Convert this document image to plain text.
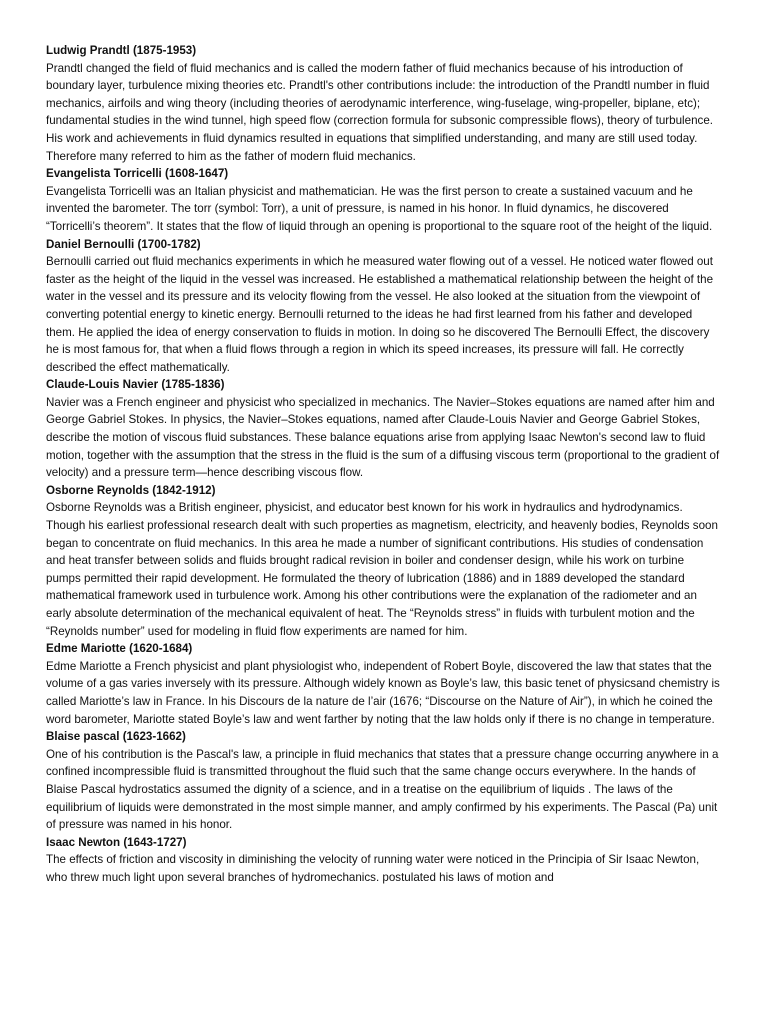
Ludwig Prandtl (1875-1953)

Prandtl changed the field of fluid mechanics and is called the modern father of fluid mechanics because of his introduction of boundary layer, turbulence mixing theories etc. Prandtl's other contributions include: the introduction of the Prandtl number in fluid mechanics, airfoils and wing theory (including theories of aerodynamic interference, wing-fuselage, wing-propeller, biplane, etc); fundamental studies in the wind tunnel, high speed flow (correction formula for subsonic compressible flows), theory of turbulence. His work and achievements in fluid dynamics resulted in equations that simplified understanding, and many are still used today. Therefore many referred to him as the father of modern fluid mechanics.

Evangelista Torricelli (1608-1647)

Evangelista Torricelli was an Italian physicist and mathematician. He was the first person to create a sustained vacuum and he invented the barometer. The torr (symbol: Torr), a unit of pressure, is named in his honor. In fluid dynamics, he discovered “Torricelli’s theorem”. It states that the flow of liquid through an opening is proportional to the square root of the height of the liquid.

Daniel Bernoulli (1700-1782)

Bernoulli carried out fluid mechanics experiments in which he measured water flowing out of a vessel. He noticed water flowed out faster as the height of the liquid in the vessel was increased. He established a mathematical relationship between the height of the water in the vessel and its pressure and its velocity flowing from the vessel. He also looked at the situation from the viewpoint of converting potential energy to kinetic energy. Bernoulli returned to the ideas he had first learned from his father and developed them. He applied the idea of energy conservation to fluids in motion. In doing so he discovered The Bernoulli Effect, the discovery he is most famous for, that when a fluid flows through a region in which its speed increases, its pressure will fall. He correctly described the effect mathematically.

Claude-Louis Navier (1785-1836)

Navier was a French engineer and physicist who specialized in mechanics. The Navier–Stokes equations are named after him and George Gabriel Stokes. In physics, the Navier–Stokes equations, named after Claude-Louis Navier and George Gabriel Stokes, describe the motion of viscous fluid substances. These balance equations arise from applying Isaac Newton's second law to fluid motion, together with the assumption that the stress in the fluid is the sum of a diffusing viscous term (proportional to the gradient of velocity) and a pressure term—hence describing viscous flow.

Osborne Reynolds (1842-1912)

Osborne Reynolds was a British engineer, physicist, and educator best known for his work in hydraulics and hydrodynamics. Though his earliest professional research dealt with such properties as magnetism, electricity, and heavenly bodies, Reynolds soon began to concentrate on fluid mechanics. In this area he made a number of significant contributions. His studies of condensation and heat transfer between solids and fluids brought radical revision in boiler and condenser design, while his work on turbine pumps permitted their rapid development. He formulated the theory of lubrication (1886) and in 1889 developed the standard mathematical framework used in turbulence work. Among his other contributions were the explanation of the radiometer and an early absolute determination of the mechanical equivalent of heat. The “Reynolds stress” in fluids with turbulent motion and the “Reynolds number” used for modeling in fluid flow experiments are named for him.

Edme Mariotte (1620-1684)

Edme Mariotte a French physicist and plant physiologist who, independent of Robert Boyle, discovered the law that states that the volume of a gas varies inversely with its pressure. Although widely known as Boyle’s law, this basic tenet of physicsand chemistry is called Mariotte’s law in France. In his Discours de la nature de l’air (1676; “Discourse on the Nature of Air”), in which he coined the word barometer, Mariotte stated Boyle’s law and went farther by noting that the law holds only if there is no change in temperature.

Blaise pascal (1623-1662)

One of his contribution is the Pascal's law, a principle in fluid mechanics that states that a pressure change occurring anywhere in a confined incompressible fluid is transmitted throughout the fluid such that the same change occurs everywhere. In the hands of Blaise Pascal hydrostatics assumed the dignity of a science, and in a treatise on the equilibrium of liquids . The laws of the equilibrium of liquids were demonstrated in the most simple manner, and amply confirmed by his experiments. The Pascal (Pa) unit of pressure was named in his honor.

Isaac Newton (1643-1727)

The effects of friction and viscosity in diminishing the velocity of running water were noticed in the Principia of Sir Isaac Newton, who threw much light upon several branches of hydromechanics. postulated his laws of motion and
